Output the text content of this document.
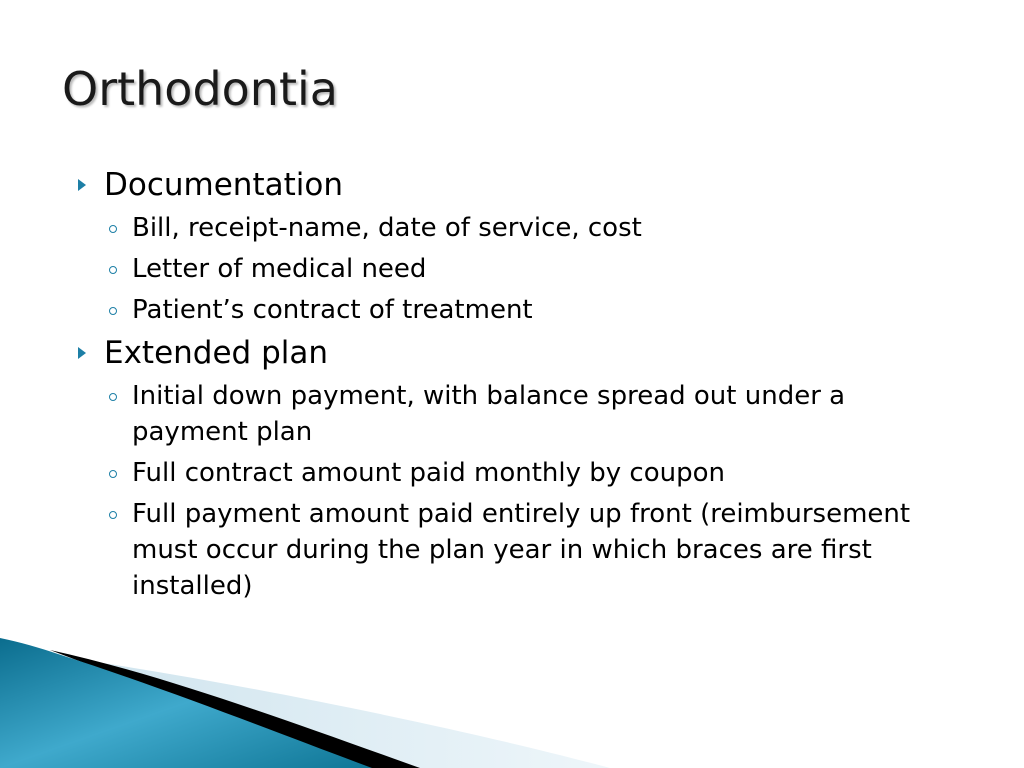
Orthodontia
Documentation
Bill, receipt-name, date of service, cost
Letter of medical need
Patient’s contract of treatment
Extended plan
Initial down payment, with balance spread out under a payment plan
Full contract amount paid monthly by coupon
Full payment amount paid entirely up front (reimbursement must occur during the plan year in which braces are first installed)
